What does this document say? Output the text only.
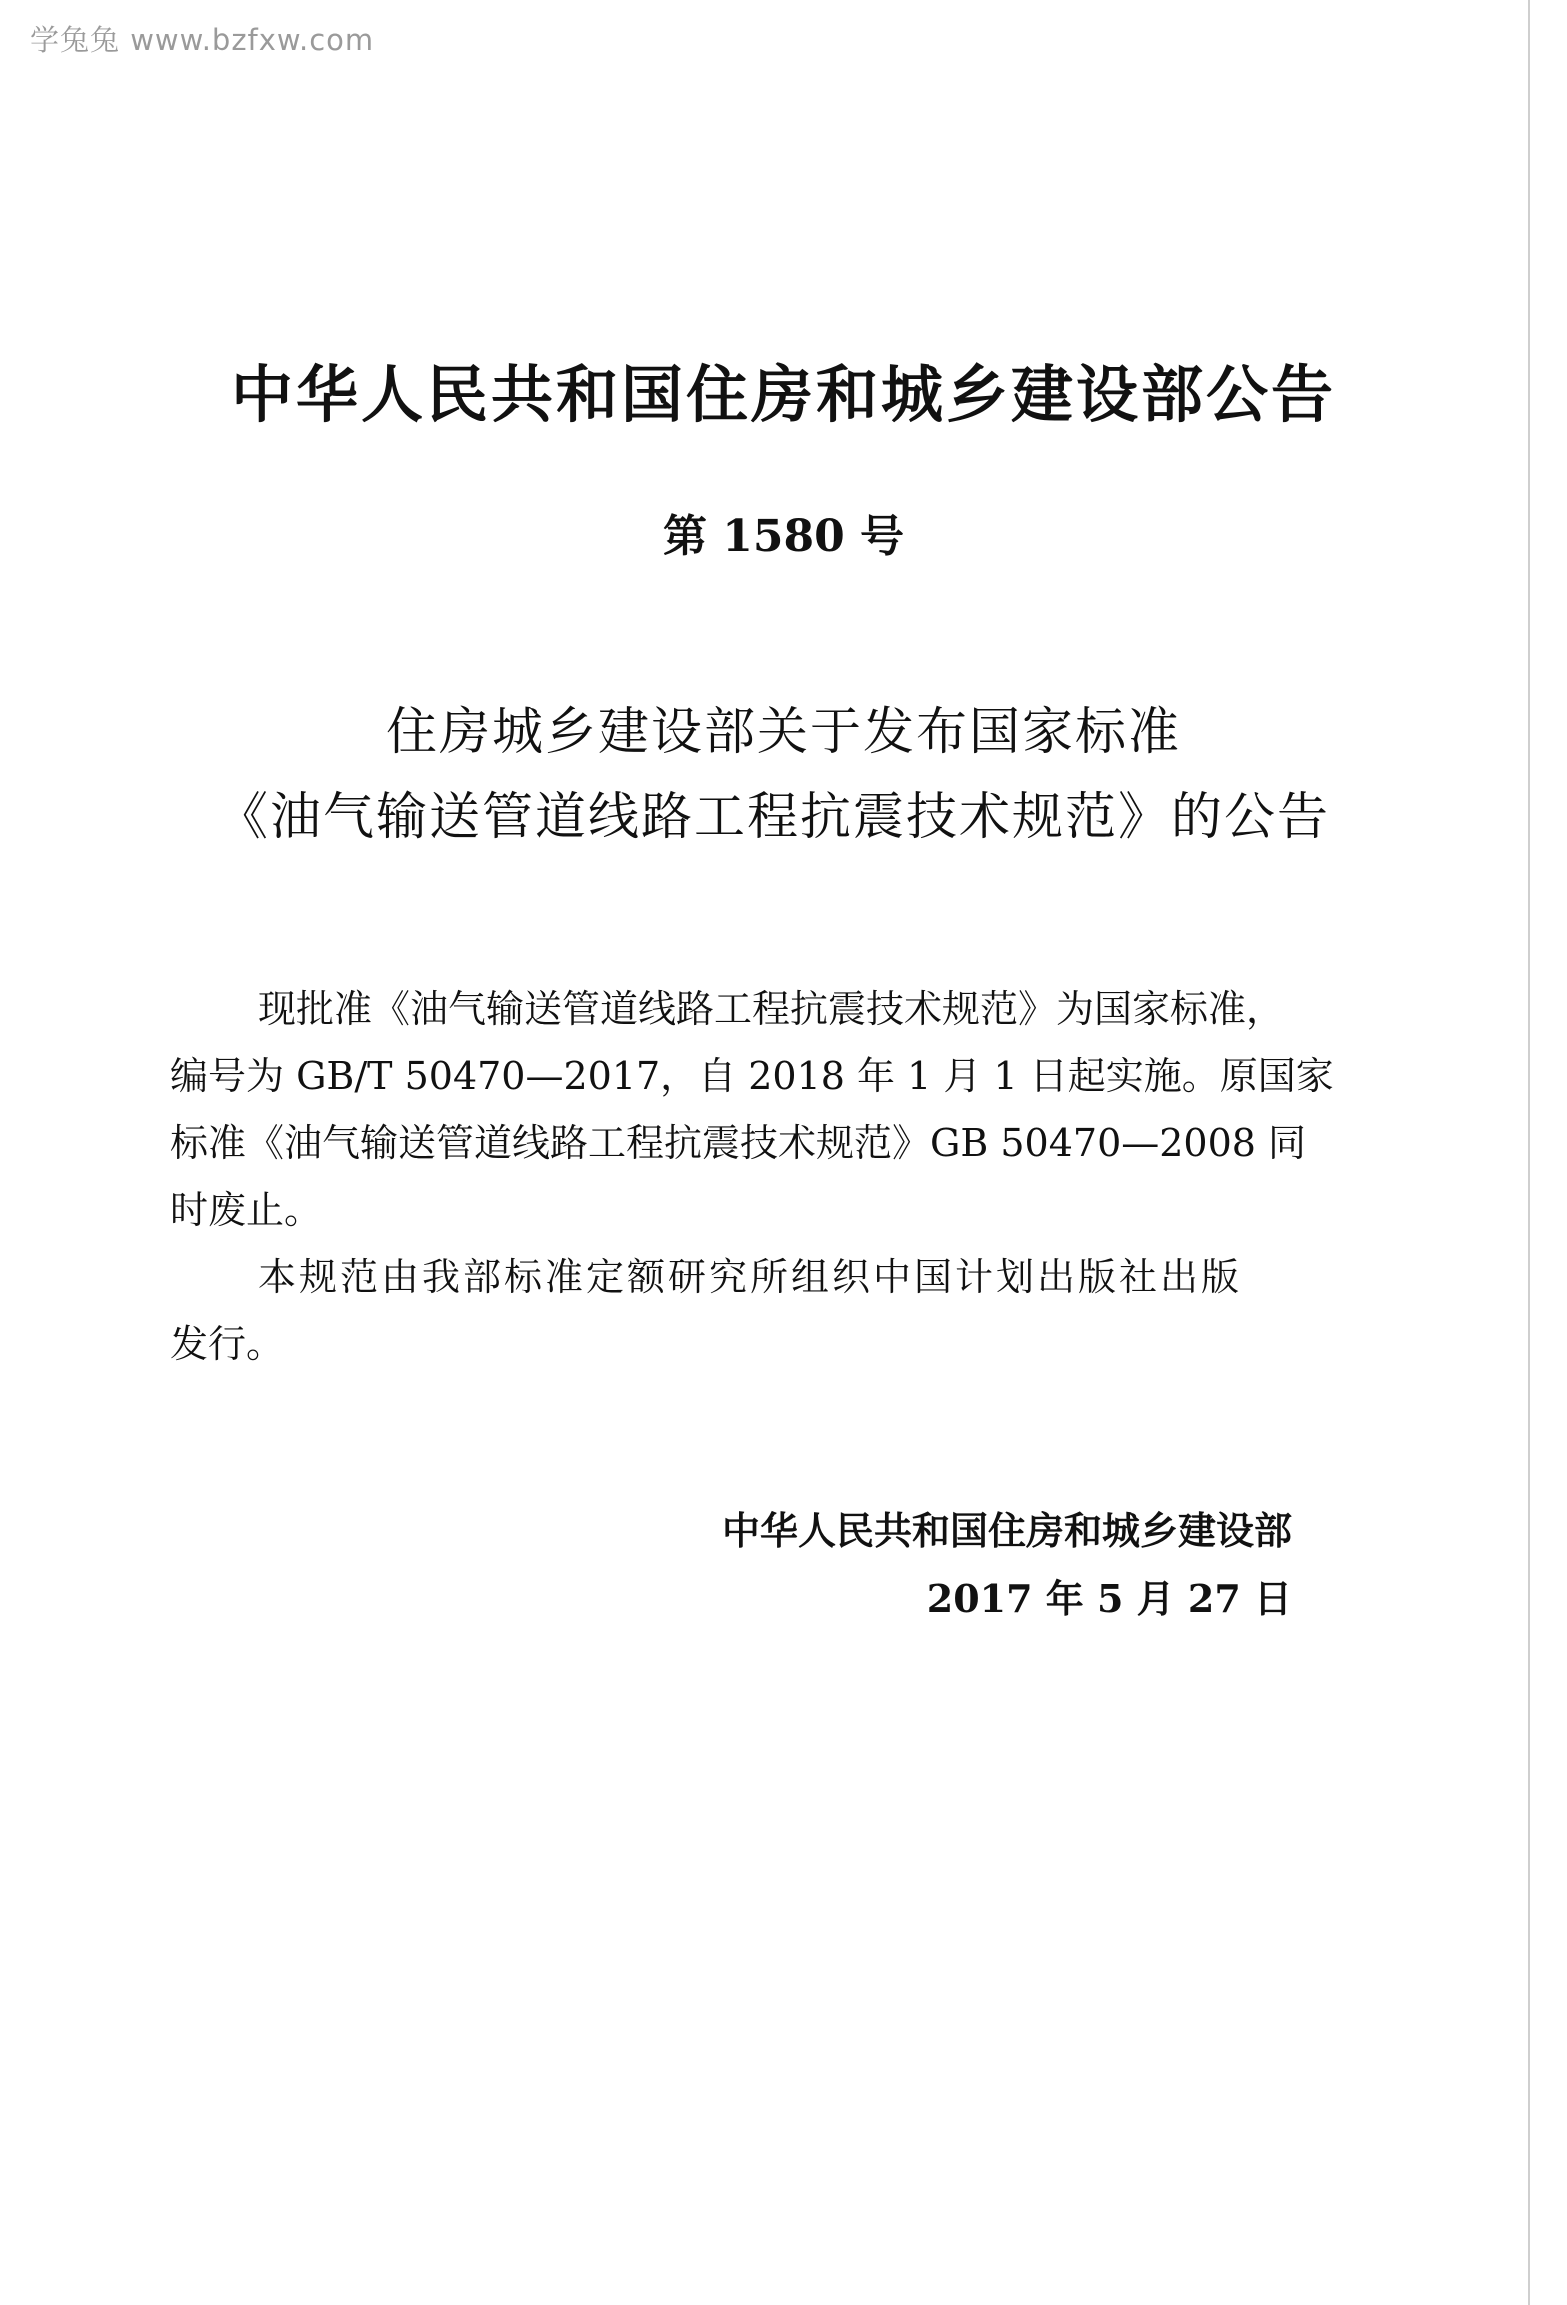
学兔兔 www.bzfxw.com
中华人民共和国住房和城乡建设部公告
第 1580 号
住房城乡建设部关于发布国家标准
《油气输送管道线路工程抗震技术规范》的公告
现批准《油气输送管道线路工程抗震技术规范》为国家标准，
编号为 GB/T 50470—2017，自 2018 年 1 月 1 日起实施。原国家
标准《油气输送管道线路工程抗震技术规范》GB 50470—2008 同
时废止。
本规范由我部标准定额研究所组织中国计划出版社出版
发行。
中华人民共和国住房和城乡建设部
2017 年 5 月 27 日
